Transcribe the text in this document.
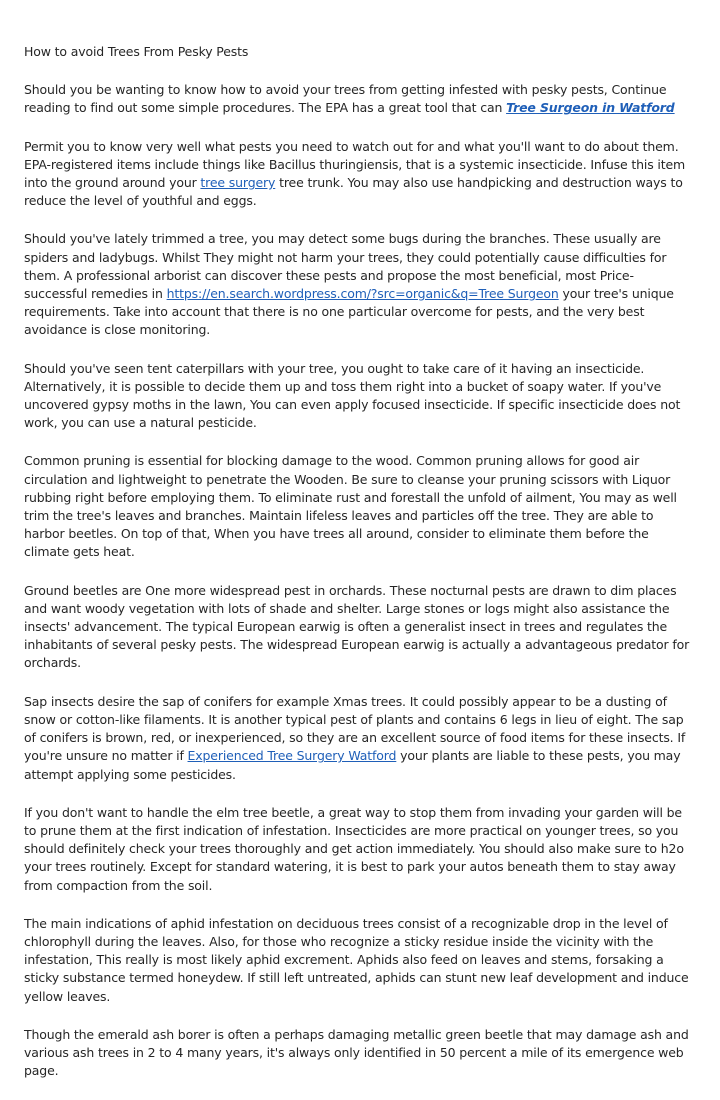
How to avoid Trees From Pesky Pests

Should you be wanting to know how to avoid your trees from getting infested with pesky pests, Continue reading to find out some simple procedures. The EPA has a great tool that can Tree Surgeon in Watford

Permit you to know very well what pests you need to watch out for and what you'll want to do about them. EPA-registered items include things like Bacillus thuringiensis, that is a systemic insecticide. Infuse this item into the ground around your tree surgery tree trunk. You may also use handpicking and destruction ways to reduce the level of youthful and eggs.

Should you've lately trimmed a tree, you may detect some bugs during the branches. These usually are spiders and ladybugs. Whilst They might not harm your trees, they could potentially cause difficulties for them. A professional arborist can discover these pests and propose the most beneficial, most Price-successful remedies in https://en.search.wordpress.com/?src=organic&q=Tree Surgeon your tree's unique requirements. Take into account that there is no one particular overcome for pests, and the very best avoidance is close monitoring.

Should you've seen tent caterpillars with your tree, you ought to take care of it having an insecticide. Alternatively, it is possible to decide them up and toss them right into a bucket of soapy water. If you've uncovered gypsy moths in the lawn, You can even apply focused insecticide. If specific insecticide does not work, you can use a natural pesticide.

Common pruning is essential for blocking damage to the wood. Common pruning allows for good air circulation and lightweight to penetrate the Wooden. Be sure to cleanse your pruning scissors with Liquor rubbing right before employing them. To eliminate rust and forestall the unfold of ailment, You may as well trim the tree's leaves and branches. Maintain lifeless leaves and particles off the tree. They are able to harbor beetles. On top of that, When you have trees all around, consider to eliminate them before the climate gets heat.

Ground beetles are One more widespread pest in orchards. These nocturnal pests are drawn to dim places and want woody vegetation with lots of shade and shelter. Large stones or logs might also assistance the insects' advancement. The typical European earwig is often a generalist insect in trees and regulates the inhabitants of several pesky pests. The widespread European earwig is actually a advantageous predator for orchards.

Sap insects desire the sap of conifers for example Xmas trees. It could possibly appear to be a dusting of snow or cotton-like filaments. It is another typical pest of plants and contains 6 legs in lieu of eight. The sap of conifers is brown, red, or inexperienced, so they are an excellent source of food items for these insects. If you're unsure no matter if Experienced Tree Surgery Watford your plants are liable to these pests, you may attempt applying some pesticides.

If you don't want to handle the elm tree beetle, a great way to stop them from invading your garden will be to prune them at the first indication of infestation. Insecticides are more practical on younger trees, so you should definitely check your trees thoroughly and get action immediately. You should also make sure to h2o your trees routinely. Except for standard watering, it is best to park your autos beneath them to stay away from compaction from the soil.

The main indications of aphid infestation on deciduous trees consist of a recognizable drop in the level of chlorophyll during the leaves. Also, for those who recognize a sticky residue inside the vicinity with the infestation, This really is most likely aphid excrement. Aphids also feed on leaves and stems, forsaking a sticky substance termed honeydew. If still left untreated, aphids can stunt new leaf development and induce yellow leaves.

Though the emerald ash borer is often a perhaps damaging metallic green beetle that may damage ash and various ash trees in 2 to 4 many years, it's always only identified in 50 percent a mile of its emergence web page.
